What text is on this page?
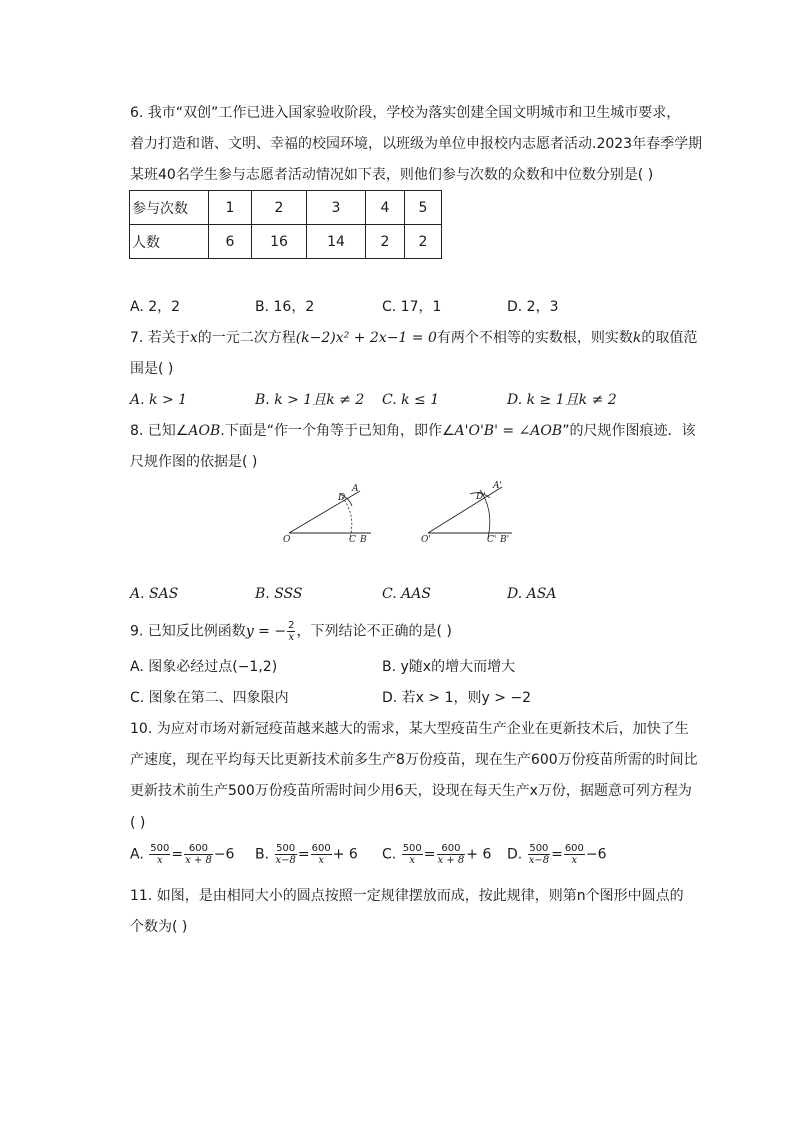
6. 我市“双创”工作已进入国家验收阶段，学校为落实创建全国文明城市和卫生城市要求，
着力打造和谐、文明、幸福的校园环境，以班级为单位申报校内志愿者活动.2023年春季学期
某班40名学生参与志愿者活动情况如下表，则他们参与次数的众数和中位数分别是( )
参与次数	1	2	3	4	5
人数	6	16	14	2	2
A. 2，2	B. 16，2	C. 17，1	D. 2，3
7. 若关于x的一元二次方程(k−2)x² + 2x−1 = 0有两个不相等的实数根，则实数k的取值范
围是( )
A. k > 1	B. k > 1且k ≠ 2 C. k ≤ 1	D. k ≥ 1且k ≠ 2
8. 已知∠AOB.下面是“作一个角等于已知角，即作∠A'O'B' = ∠AOB”的尺规作图痕迹．该
尺规作图的依据是( )
O
A
D
C B	O'
A'
D'
C' B'
A. SAS	B. SSS	C. AAS	D. ASA
9. 已知反比例函数y = − $\frac{2}{x}$ ，下列结论不正确的是( )
A. 图象必经过点(−1,2)	B. y随x的增大而增大
C. 图象在第二、四象限内	D. 若x > 1，则y > −2
10. 为应对市场对新冠疫苗越来越大的需求，某大型疫苗生产企业在更新技术后，加快了生
产速度，现在平均每天比更新技术前多生产8万份疫苗，现在生产600万份疫苗所需的时间比
更新技术前生产500万份疫苗所需时间少用6天，设现在每天生产x万份，据题意可列方程为
( )
A. $\frac{500}{x} = \frac{600}{x + 8} -6$ B. $\frac{500}{x-8} = \frac{600}{x} + 6$ C. $\frac{500}{x} = \frac{600}{x + 8} + 6$ D. $\frac{500}{x-8} = \frac{600}{x} -6$
11. 如图，是由相同大小的圆点按照一定规律摆放而成，按此规律，则第n个图形中圆点的
个数为( )
